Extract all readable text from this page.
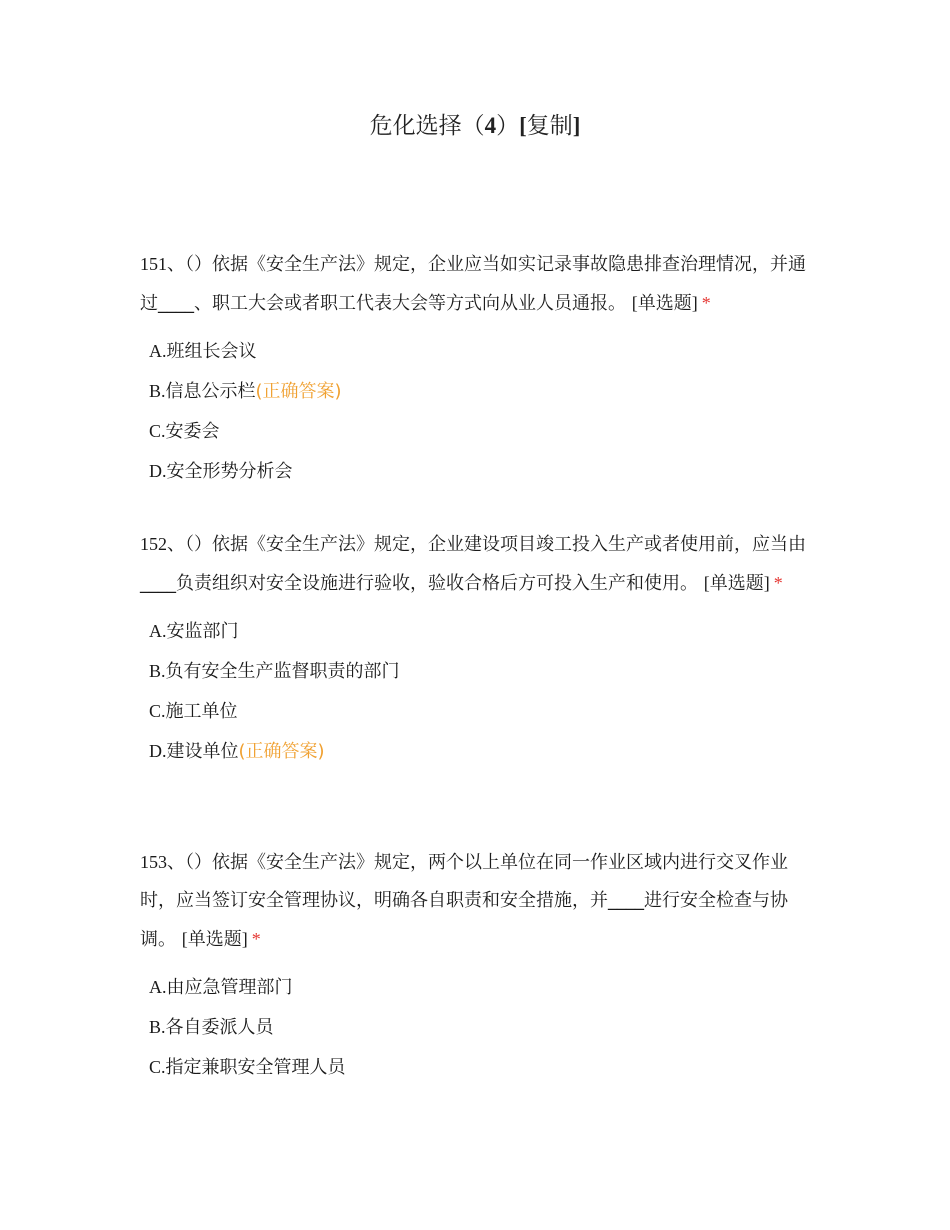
危化选择（4）[复制]

151、（）依据《安全生产法》规定，企业应当如实记录事故隐患排查治理情况，并通过____、职工大会或者职工代表大会等方式向从业人员通报。 [单选题] *

A.班组长会议
B.信息公示栏(正确答案)
C.安委会
D.安全形势分析会

152、（）依据《安全生产法》规定，企业建设项目竣工投入生产或者使用前，应当由____负责组织对安全设施进行验收，验收合格后方可投入生产和使用。 [单选题] *

A.安监部门
B.负有安全生产监督职责的部门
C.施工单位
D.建设单位(正确答案)

153、（）依据《安全生产法》规定，两个以上单位在同一作业区域内进行交叉作业时，应当签订安全管理协议，明确各自职责和安全措施，并____进行安全检查与协调。 [单选题] *

A.由应急管理部门
B.各自委派人员
C.指定兼职安全管理人员
